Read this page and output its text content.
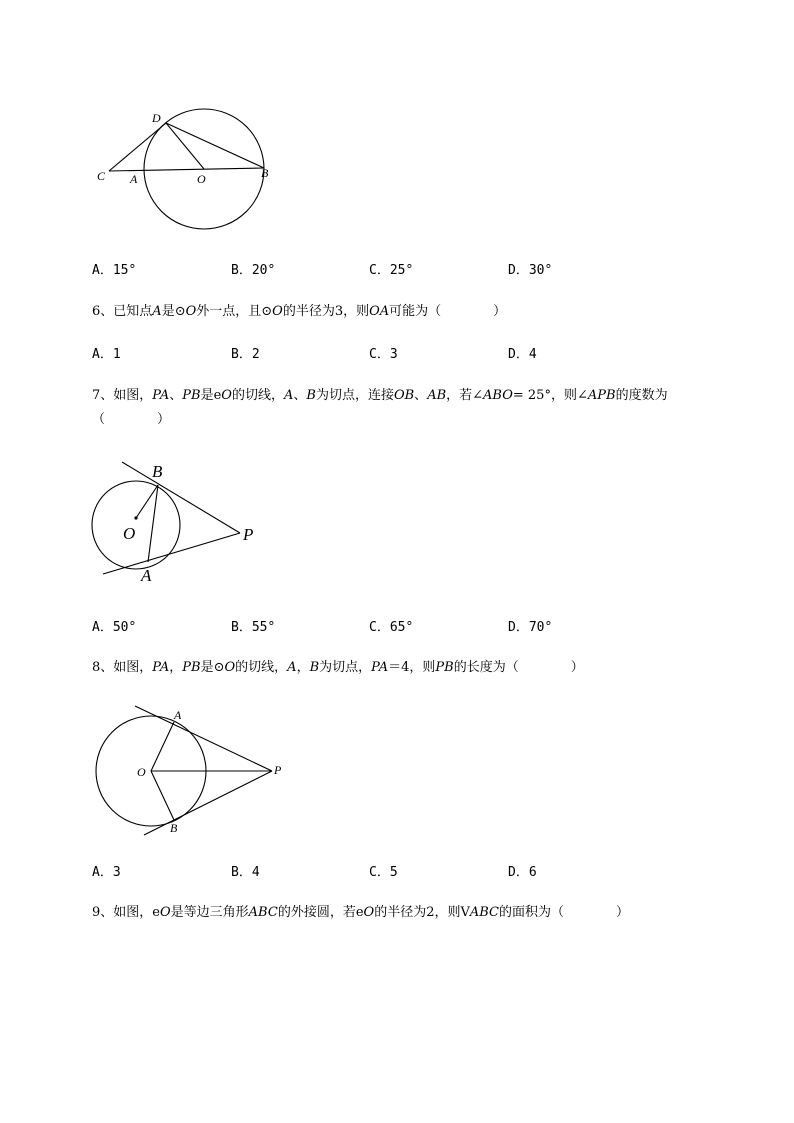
D
C A	O	B
A．15°	B．20°	C．25°	D．30°
6、已知点A是⊙O外一点，且⊙O的半径为3，则OA可能为（　　　　）
A．1	B．2	C．3	D．4
7、如图，PA、PB是eO的切线，A、B为切点，连接OB、AB，若∠ABO= 25°，则∠APB的度数为
（　　　　）
B
O
A
P
A．50°	B．55°	C．65°	D．70°
8、如图，PA，PB是⊙O的切线，A，B为切点，PA＝4，则PB的长度为（　　　　）
A
O	P
B
A．3	B．4	C．5	D．6
9、如图，eO是等边三角形ABC的外接圆，若eO的半径为2，则VABC的面积为（　　　　）
